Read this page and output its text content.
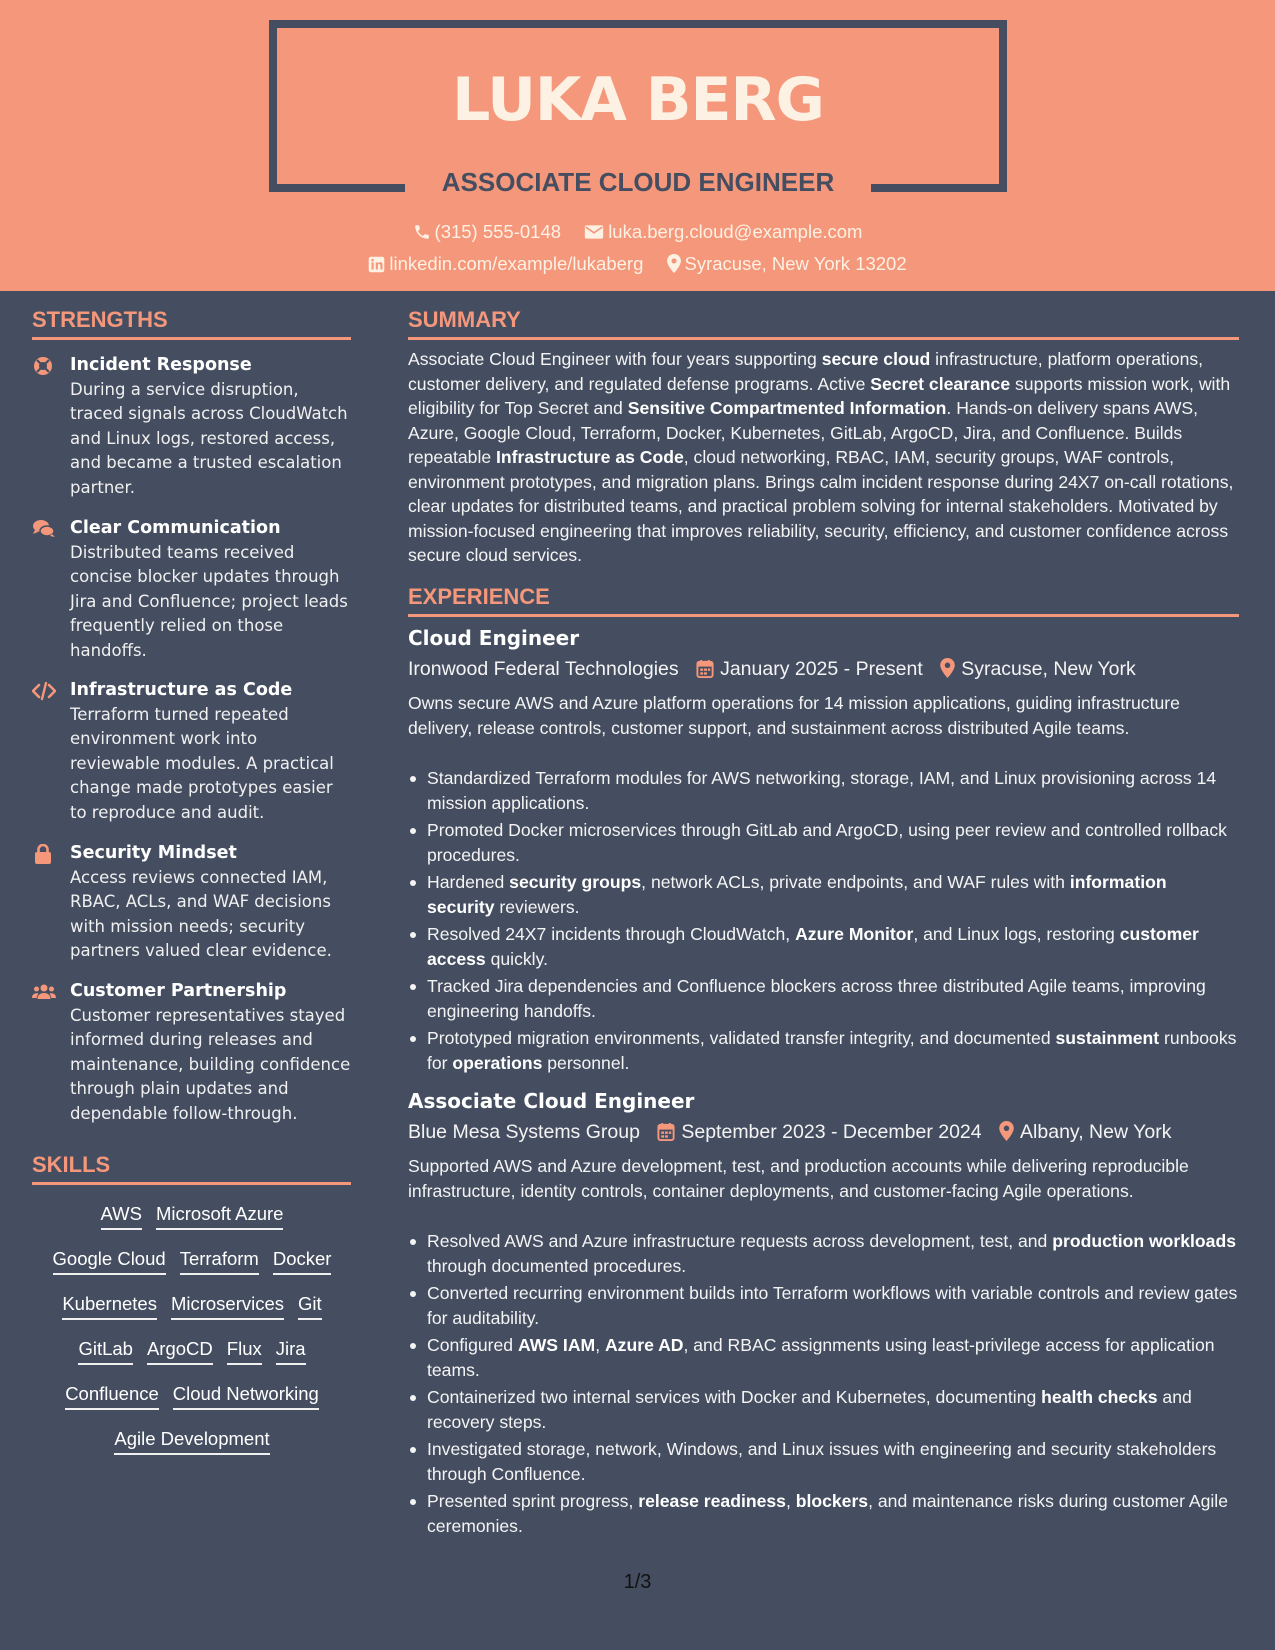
LUKA BERG
ASSOCIATE CLOUD ENGINEER
(315) 555-0148	luka.berg.cloud@example.com
linkedin.com/example/lukaberg Syracuse, New York 13202
STRENGTHS
Incident Response
During a service disruption, traced signals across CloudWatch and Linux logs, restored access, and became a trusted escalation partner.
Clear Communication
Distributed teams received concise blocker updates through Jira and Confluence; project leads frequently relied on those handoffs.
Infrastructure as Code
Terraform turned repeated environment work into reviewable modules. A practical change made prototypes easier to reproduce and audit.
Security Mindset
Access reviews connected IAM, RBAC, ACLs, and WAF decisions with mission needs; security partners valued clear evidence.
Customer Partnership
Customer representatives stayed informed during releases and maintenance, building confidence through plain updates and dependable follow-through.
SKILLS
AWS Microsoft Azure
Google Cloud Terraform Docker
Kubernetes Microservices Git
GitLab ArgoCD Flux Jira
Confluence Cloud Networking
Agile Development
SUMMARY
Associate Cloud Engineer with four years supporting secure cloud infrastructure, platform operations, customer delivery, and regulated defense programs. Active Secret clearance supports mission work, with eligibility for Top Secret and Sensitive Compartmented Information. Hands-on delivery spans AWS, Azure, Google Cloud, Terraform, Docker, Kubernetes, GitLab, ArgoCD, Jira, and Confluence. Builds repeatable Infrastructure as Code, cloud networking, RBAC, IAM, security groups, WAF controls, environment prototypes, and migration plans. Brings calm incident response during 24X7 on-call rotations, clear updates for distributed teams, and practical problem solving for internal stakeholders. Motivated by mission-focused engineering that improves reliability, security, efficiency, and customer confidence across secure cloud services.
EXPERIENCE
Cloud Engineer
Ironwood Federal Technologies January 2025 - Present Syracuse, New York
Owns secure AWS and Azure platform operations for 14 mission applications, guiding infrastructure delivery, release controls, customer support, and sustainment across distributed Agile teams.
Standardized Terraform modules for AWS networking, storage, IAM, and Linux provisioning across 14 mission applications.
Promoted Docker microservices through GitLab and ArgoCD, using peer review and controlled rollback procedures.
Hardened security groups, network ACLs, private endpoints, and WAF rules with information security reviewers.
Resolved 24X7 incidents through CloudWatch, Azure Monitor, and Linux logs, restoring customer access quickly.
Tracked Jira dependencies and Confluence blockers across three distributed Agile teams, improving engineering handoffs.
Prototyped migration environments, validated transfer integrity, and documented sustainment runbooks for operations personnel.
Associate Cloud Engineer
Blue Mesa Systems Group September 2023 - December 2024 Albany, New York
Supported AWS and Azure development, test, and production accounts while delivering reproducible infrastructure, identity controls, container deployments, and customer-facing Agile operations.
Resolved AWS and Azure infrastructure requests across development, test, and production workloads through documented procedures.
Converted recurring environment builds into Terraform workflows with variable controls and review gates for auditability.
Configured AWS IAM, Azure AD, and RBAC assignments using least-privilege access for application teams.
Containerized two internal services with Docker and Kubernetes, documenting health checks and recovery steps.
Investigated storage, network, Windows, and Linux issues with engineering and security stakeholders through Confluence.
Presented sprint progress, release readiness, blockers, and maintenance risks during customer Agile ceremonies.
1/3
